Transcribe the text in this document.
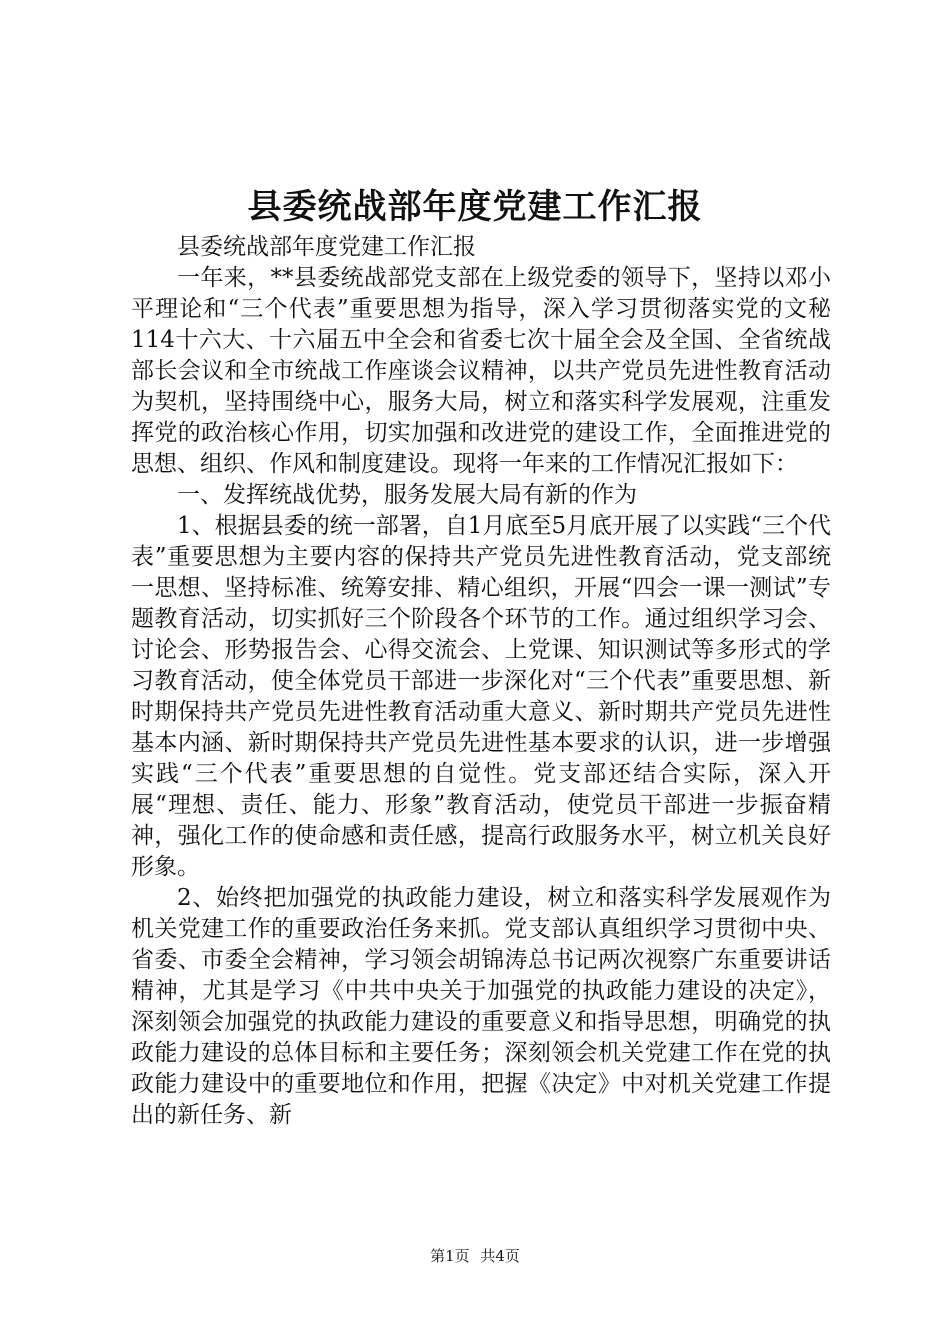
县委统战部年度党建工作汇报

县委统战部年度党建工作汇报

一年来，**县委统战部党支部在上级党委的领导下，坚持以邓小平理论和“三个代表”重要思想为指导，深入学习贯彻落实党的文秘114十六大、十六届五中全会和省委七次十届全会及全国、全省统战部长会议和全市统战工作座谈会议精神，以共产党员先进性教育活动为契机，坚持围绕中心，服务大局，树立和落实科学发展观，注重发挥党的政治核心作用，切实加强和改进党的建设工作，全面推进党的思想、组织、作风和制度建设。现将一年来的工作情况汇报如下：

一、发挥统战优势，服务发展大局有新的作为

1、根据县委的统一部署，自1月底至5月底开展了以实践“三个代表”重要思想为主要内容的保持共产党员先进性教育活动，党支部统一思想、坚持标准、统筹安排、精心组织，开展“四会一课一测试”专题教育活动，切实抓好三个阶段各个环节的工作。通过组织学习会、讨论会、形势报告会、心得交流会、上党课、知识测试等多形式的学习教育活动，使全体党员干部进一步深化对“三个代表”重要思想、新时期保持共产党员先进性教育活动重大意义、新时期共产党员先进性基本内涵、新时期保持共产党员先进性基本要求的认识，进一步增强实践“三个代表”重要思想的自觉性。党支部还结合实际，深入开展“理想、责任、能力、形象”教育活动，使党员干部进一步振奋精神，强化工作的使命感和责任感，提高行政服务水平，树立机关良好形象。

2、始终把加强党的执政能力建设，树立和落实科学发展观作为机关党建工作的重要政治任务来抓。党支部认真组织学习贯彻中央、省委、市委全会精神，学习领会胡锦涛总书记两次视察广东重要讲话精神，尤其是学习《中共中央关于加强党的执政能力建设的决定》，深刻领会加强党的执政能力建设的重要意义和指导思想，明确党的执政能力建设的总体目标和主要任务；深刻领会机关党建工作在党的执政能力建设中的重要地位和作用，把握《决定》中对机关党建工作提出的新任务、新

第1页 共4页
